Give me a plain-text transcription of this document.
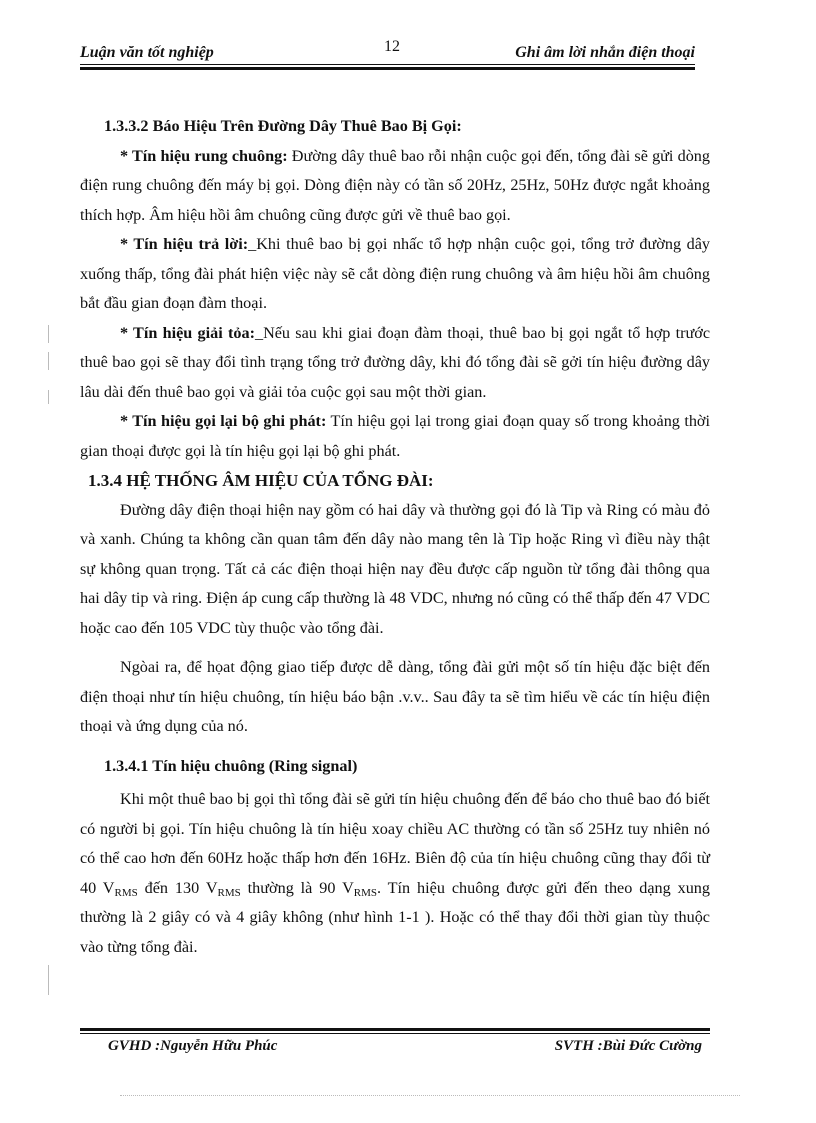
Luận văn tốt nghiệp	12	Ghi âm lời nhắn điện thoại

1.3.3.2 Báo Hiệu Trên Đường Dây Thuê Bao Bị Gọi:

* Tín hiệu rung chuông: Đường dây thuê bao rỗi nhận cuộc gọi đến, tổng đài sẽ gửi dòng điện rung chuông đến máy bị gọi. Dòng điện này có tần số 20Hz, 25Hz, 50Hz được ngắt khoảng thích hợp. Âm hiệu hồi âm chuông cũng được gửi về thuê bao gọi.

* Tín hiệu trả lời:_Khi thuê bao bị gọi nhấc tổ hợp nhận cuộc gọi, tổng trở đường dây xuống thấp, tổng đài phát hiện việc này sẽ cắt dòng điện rung chuông và âm hiệu hồi âm chuông bắt đầu gian đoạn đàm thoại.

* Tín hiệu giải tỏa:_Nếu sau khi giai đoạn đàm thoại, thuê bao bị gọi ngắt tổ hợp trước thuê bao gọi sẽ thay đổi tình trạng tổng trở đường dây, khi đó tổng đài sẽ gởi tín hiệu đường dây lâu dài đến thuê bao gọi và giải tỏa cuộc gọi sau một thời gian.

* Tín hiệu gọi lại bộ ghi phát: Tín hiệu gọi lại trong giai đoạn quay số trong khoảng thời gian thoại được gọi là tín hiệu gọi lại bộ ghi phát.

1.3.4 HỆ THỐNG ÂM HIỆU CỦA TỔNG ĐÀI:

Đường dây điện thoại hiện nay gồm có hai dây và thường gọi đó là Tip và Ring có màu đỏ và xanh. Chúng ta không cần quan tâm đến dây nào mang tên là Tip hoặc Ring vì điều này thật sự không quan trọng. Tất cả các điện thoại hiện nay đều được cấp nguồn từ tổng đài thông qua hai dây tip và ring. Điện áp cung cấp thường là 48 VDC, nhưng nó cũng có thể thấp đến 47 VDC hoặc cao đến 105 VDC tùy thuộc vào tổng đài.

Ngòai ra, để họat động giao tiếp được dễ dàng, tổng đài gửi một số tín hiệu đặc biệt đến điện thoại như tín hiệu chuông, tín hiệu báo bận .v.v.. Sau đây ta sẽ tìm hiểu về các tín hiệu điện thoại và ứng dụng của nó.

1.3.4.1 Tín hiệu chuông (Ring signal)

Khi một thuê bao bị gọi thì tổng đài sẽ gửi tín hiệu chuông đến để báo cho thuê bao đó biết có người bị gọi. Tín hiệu chuông là tín hiệu xoay chiều AC thường có tần số 25Hz tuy nhiên nó có thể cao hơn đến 60Hz hoặc thấp hơn đến 16Hz. Biên độ của tín hiệu chuông cũng thay đổi từ 40 $V_{RMS}$ đến 130 $V_{RMS}$ thường là 90 $V_{RMS}$. Tín hiệu chuông được gửi đến theo dạng xung thường là 2 giây có và 4 giây không (như hình 1-1 ). Hoặc có thể thay đổi thời gian tùy thuộc vào từng tổng đài.

GVHD :Nguyễn Hữu Phúc	SVTH :Bùi Đức Cường
